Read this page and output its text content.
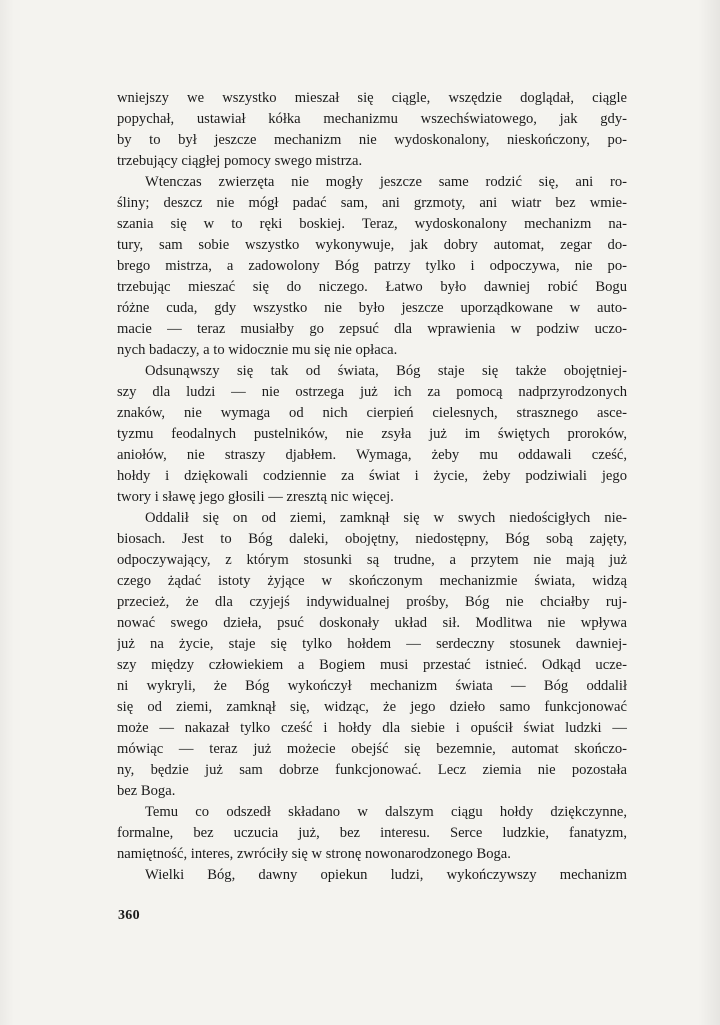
wniejszy we wszystko mieszał się ciągle, wszędzie doglądał, ciągle
popychał, ustawiał kółka mechanizmu wszechświatowego, jak gdy-
by to był jeszcze mechanizm nie wydoskonalony, nieskończony, po-
trzebujący ciągłej pomocy swego mistrza.
Wtenczas zwierzęta nie mogły jeszcze same rodzić się, ani ro-
śliny; deszcz nie mógł padać sam, ani grzmoty, ani wiatr bez wmie-
szania się w to ręki boskiej. Teraz, wydoskonalony mechanizm na-
tury, sam sobie wszystko wykonywuje, jak dobry automat, zegar do-
brego mistrza, a zadowolony Bóg patrzy tylko i odpoczywa, nie po-
trzebując mieszać się do niczego. Łatwo było dawniej robić Bogu
różne cuda, gdy wszystko nie było jeszcze uporządkowane w auto-
macie — teraz musiałby go zepsuć dla wprawienia w podziw uczo-
nych badaczy, a to widocznie mu się nie opłaca.
Odsunąwszy się tak od świata, Bóg staje się także obojętniej-
szy dla ludzi — nie ostrzega już ich za pomocą nadprzyrodzonych
znaków, nie wymaga od nich cierpień cielesnych, strasznego asce-
tyzmu feodalnych pustelników, nie zsyła już im świętych proroków,
aniołów, nie straszy djabłem. Wymaga, żeby mu oddawali cześć,
hołdy i dziękowali codziennie za świat i życie, żeby podziwiali jego
twory i sławę jego głosili — zresztą nic więcej.
Oddalił się on od ziemi, zamknął się w swych niedościgłych nie-
biosach. Jest to Bóg daleki, obojętny, niedostępny, Bóg sobą zajęty,
odpoczywający, z którym stosunki są trudne, a przytem nie mają już
czego żądać istoty żyjące w skończonym mechanizmie świata, widzą
przecież, że dla czyjejś indywidualnej prośby, Bóg nie chciałby ruj-
nować swego dzieła, psuć doskonały układ sił. Modlitwa nie wpływa
już na życie, staje się tylko hołdem — serdeczny stosunek dawniej-
szy między człowiekiem a Bogiem musi przestać istnieć. Odkąd ucze-
ni wykryli, że Bóg wykończył mechanizm świata — Bóg oddalił
się od ziemi, zamknął się, widząc, że jego dzieło samo funkcjonować
może — nakazał tylko cześć i hołdy dla siebie i opuścił świat ludzki —
mówiąc — teraz już możecie obejść się bezemnie, automat skończo-
ny, będzie już sam dobrze funkcjonować. Lecz ziemia nie pozostała
bez Boga.
Temu co odszedł składano w dalszym ciągu hołdy dziękczynne,
formalne, bez uczucia już, bez interesu. Serce ludzkie, fanatyzm,
namiętność, interes, zwróciły się w stronę nowonarodzonego Boga.
Wielki Bóg, dawny opiekun ludzi, wykończywszy mechanizm
360
